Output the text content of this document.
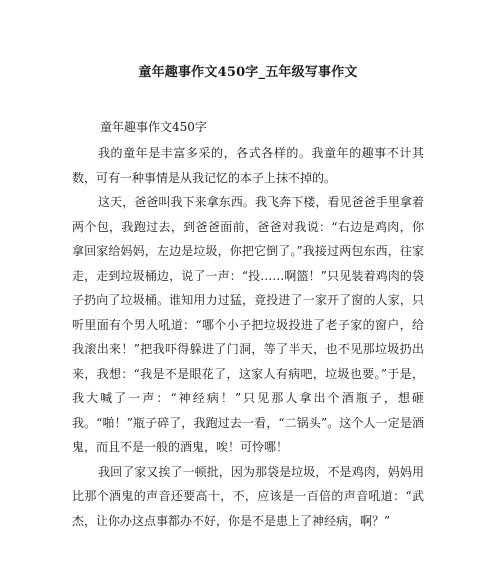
童年趣事作文450字_五年级写事作文
童年趣事作文450字

我的童年是丰富多采的，各式各样的。我童年的趣事不计其数，可有一种事情是从我记忆的本子上抹不掉的。

这天，爸爸叫我下来拿东西。我飞奔下楼，看见爸爸手里拿着两个包，我跑过去，到爸爸面前，爸爸对我说：“右边是鸡肉，你拿回家给妈妈，左边是垃圾，你把它倒了。”我接过两包东西，往家走，走到垃圾桶边，说了一声：“投……啊篮！”只见装着鸡肉的袋子扔向了垃圾桶。谁知用力过猛，竟投进了一家开了窗的人家，只听里面有个男人吼道：“哪个小子把垃圾投进了老子家的窗户，给我滚出来！”把我吓得躲进了门洞，等了半天，也不见那垃圾扔出来，我想：“我是不是眼花了，这家人有病吧，垃圾也要。”于是，我大喊了一声：“神经病！”只见那人拿出个酒瓶子，想砸我。“啪！”瓶子碎了，我跑过去一看，“二锅头”。这个人一定是酒鬼，而且不是一般的酒鬼，唉！可怜哪！

我回了家又挨了一顿批，因为那袋是垃圾，不是鸡肉，妈妈用比那个酒鬼的声音还要高十，不，应该是一百倍的声音吼道：“武杰，让你办这点事都办不好，你是不是患上了神经病，啊？”
